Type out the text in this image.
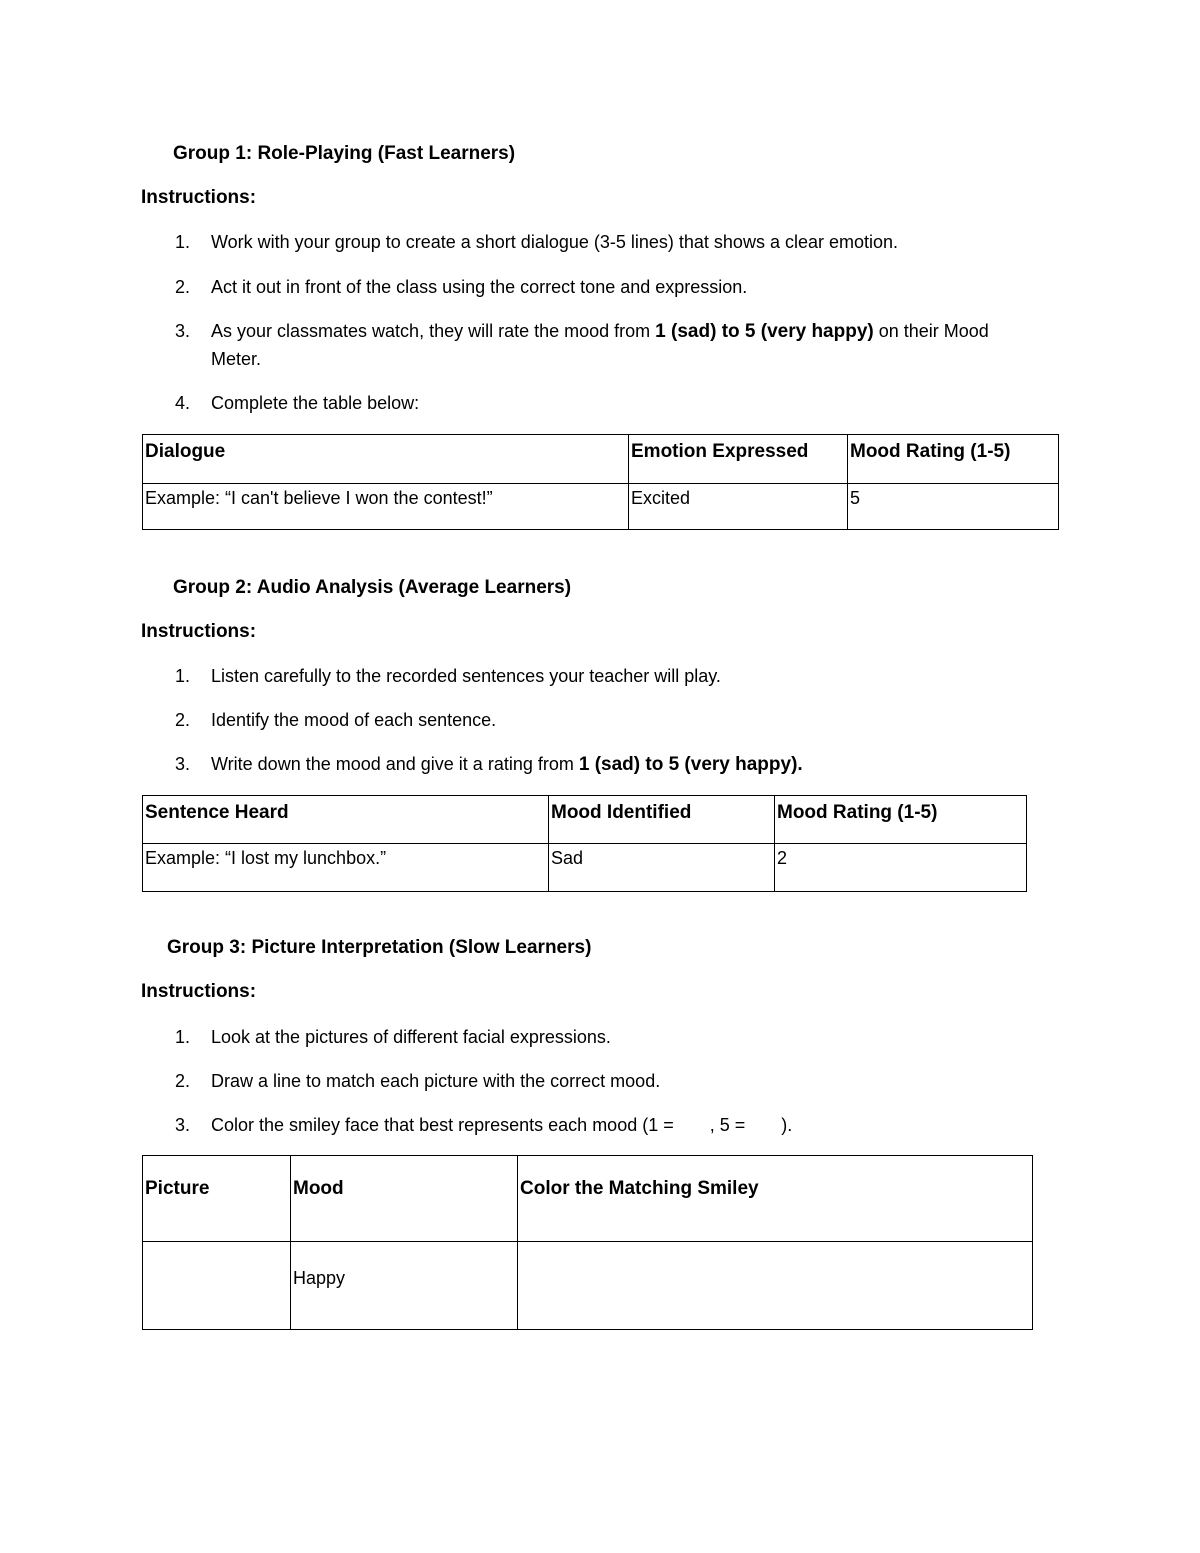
Group 1: Role-Playing (Fast Learners)
Instructions:
1. Work with your group to create a short dialogue (3-5 lines) that shows a clear emotion.
2. Act it out in front of the class using the correct tone and expression.
3. As your classmates watch, they will rate the mood from 1 (sad) to 5 (very happy) on their Mood
Meter.
4. Complete the table below:
Dialogue	Emotion Expressed	Mood Rating (1-5)
Example: “I can't believe I won the contest!”	Excited	5
Group 2: Audio Analysis (Average Learners)
Instructions:
1. Listen carefully to the recorded sentences your teacher will play.
2. Identify the mood of each sentence.
3. Write down the mood and give it a rating from 1 (sad) to 5 (very happy).
Sentence Heard	Mood Identified	Mood Rating (1-5)
Example: “I lost my lunchbox.”	Sad	2
Group 3: Picture Interpretation (Slow Learners)
Instructions:
1. Look at the pictures of different facial expressions.
2. Draw a line to match each picture with the correct mood.
3. Color the smiley face that best represents each mood (1 = , 5 = ).
Picture	Mood	Color the Matching Smiley
	Happy	
